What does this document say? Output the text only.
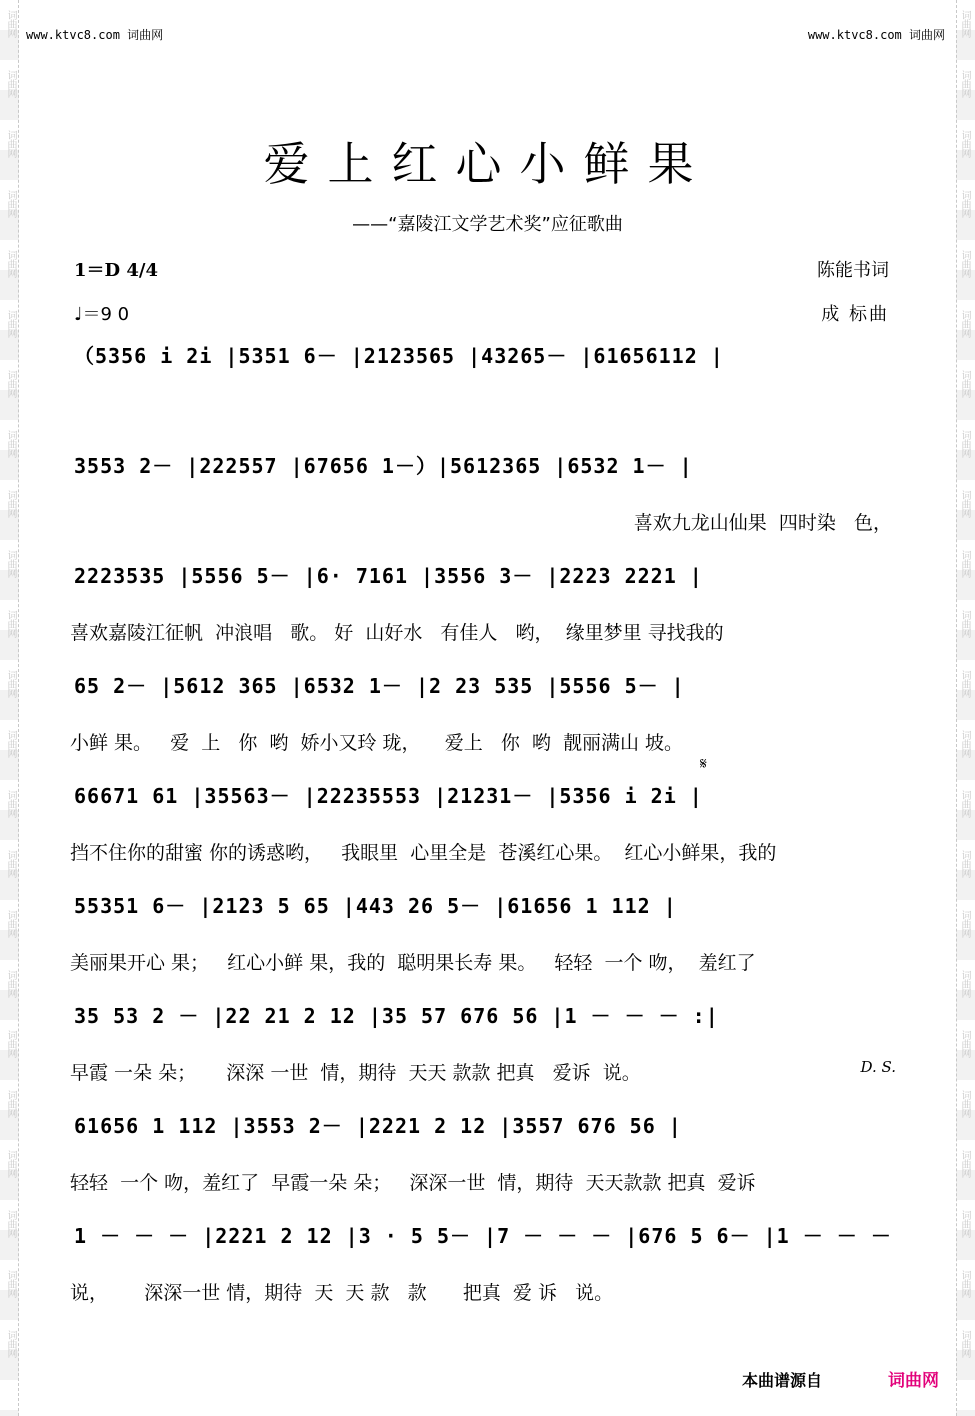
词曲网	词曲网
词曲网	词曲网
词曲网	词曲网
词曲网	词曲网
词曲网	词曲网
词曲网	词曲网
词曲网	词曲网
词曲网	词曲网
词曲网	词曲网
词曲网	词曲网
词曲网	词曲网
词曲网	词曲网
词曲网	词曲网
词曲网	词曲网
词曲网	词曲网
词曲网	词曲网
词曲网	词曲网
词曲网	词曲网
词曲网	词曲网
词曲网	词曲网
词曲网	词曲网
词曲网	词曲网
词曲网	词曲网
www.ktvc8.com 词曲网	www.ktvc8.com 词曲网
爱上红心小鲜果
——“嘉陵江文学艺术奖”应征歌曲
1＝D 4/4
♩＝9 0
陈能书词
成 标曲
（5356 i 2i |5351 6－ |2123565 |43265－ |61656112 |
3553 2－ |222557 |67656 1－）|5612365 |6532 1－ |
喜欢九龙山仙果  四时染   色，
2223535 |5556 5－ |6· 7161 |3556 3－ |2223 2221 |
喜欢嘉陵江征帆  冲浪唱   歌。 好  山好水   有佳人   哟，  缘里梦里 寻找我的
65 2－ |5612 365 |6532 1－ |2 23 535 |5556 5－ |
小鲜 果。   爱  上   你  哟  娇小又玲 珑，    爱上   你  哟  靓丽满山 坡。
66671 61 |35563－ |22235553 |21231－ |5356 i 2i |
挡不住你的甜蜜 你的诱惑哟，   我眼里  心里全是  苍溪红心果。  红心小鲜果，我的
𝄋
55351 6－ |2123 5 65 |443 26 5－ |61656 1 112 |
美丽果开心 果；   红心小鲜 果，我的  聪明果长寿 果。   轻轻  一个 吻，  羞红了
35 53 2 － |22 21 2 12 |35 57 676 56 |1 － － － :|
早霞 一朵 朵；     深深 一世  情，期待  天天 款款 把真   爱诉  说。	D. S.
61656 1 112 |3553 2－ |2221 2 12 |3557 676 56 |
轻轻  一个 吻，羞红了  早霞一朵 朵；   深深一世  情，期待  天天款款 把真  爱诉
1 － － － |2221 2 12 |3 · 5 5－ |7 － － － |676 5 6－ |1 － － －
说，      深深一世 情，期待  天  天 款   款      把真  爱 诉   说。
本曲谱源自	词曲网
